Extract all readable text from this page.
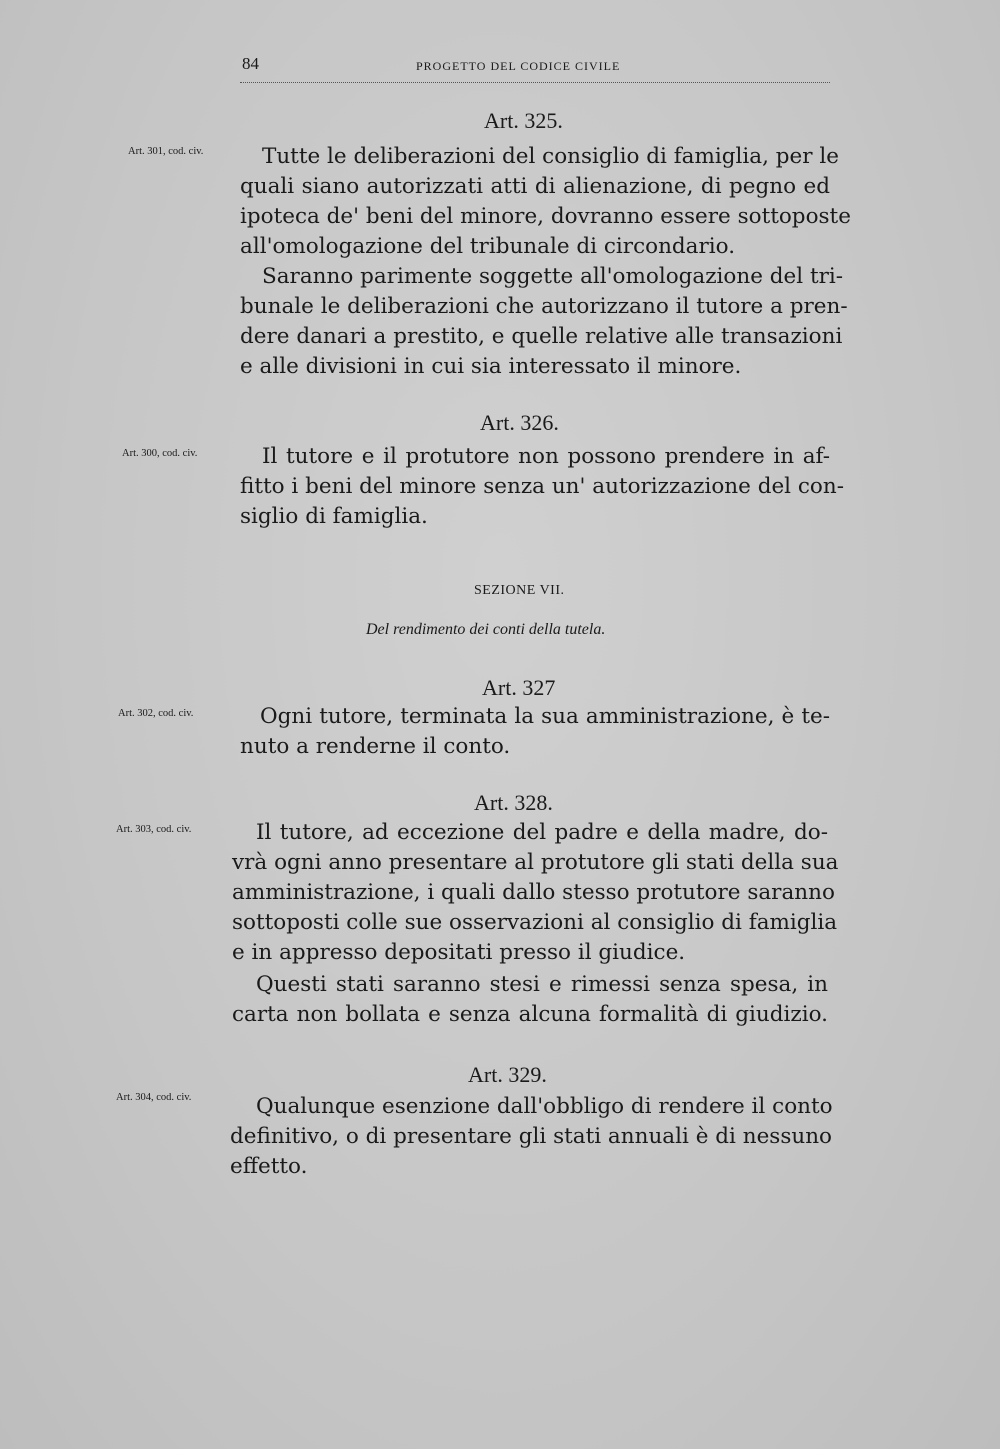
84	PROGETTO DEL CODICE CIVILE
Art. 325.
Art. 301, cod. civ.	Tutte le deliberazioni del consiglio di famiglia, per le
quali siano autorizzati atti di alienazione, di pegno ed
ipoteca de' beni del minore, dovranno essere sottoposte
all'omologazione del tribunale di circondario.
Saranno parimente soggette all'omologazione del tri-
bunale le deliberazioni che autorizzano il tutore a pren-
dere danari a prestito, e quelle relative alle transazioni
e alle divisioni in cui sia interessato il minore.
Art. 326.
Art. 300, cod. civ.	Il tutore e il protutore non possono prendere in af-
fitto i beni del minore senza un' autorizzazione del con-
siglio di famiglia.
SEZIONE VII.
Del rendimento dei conti della tutela.
Art. 327
Art. 302, cod. civ.	Ogni tutore, terminata la sua amministrazione, è te-
nuto a renderne il conto.
Art. 328.
Art. 303, cod. civ.	Il tutore, ad eccezione del padre e della madre, do-
vrà ogni anno presentare al protutore gli stati della sua
amministrazione, i quali dallo stesso protutore saranno
sottoposti colle sue osservazioni al consiglio di famiglia
e in appresso depositati presso il giudice.
Questi stati saranno stesi e rimessi senza spesa, in
carta non bollata e senza alcuna formalità di giudizio.
Art. 329.
Art. 304, cod. civ.	Qualunque esenzione dall'obbligo di rendere il conto
definitivo, o di presentare gli stati annuali è di nessuno
effetto.
